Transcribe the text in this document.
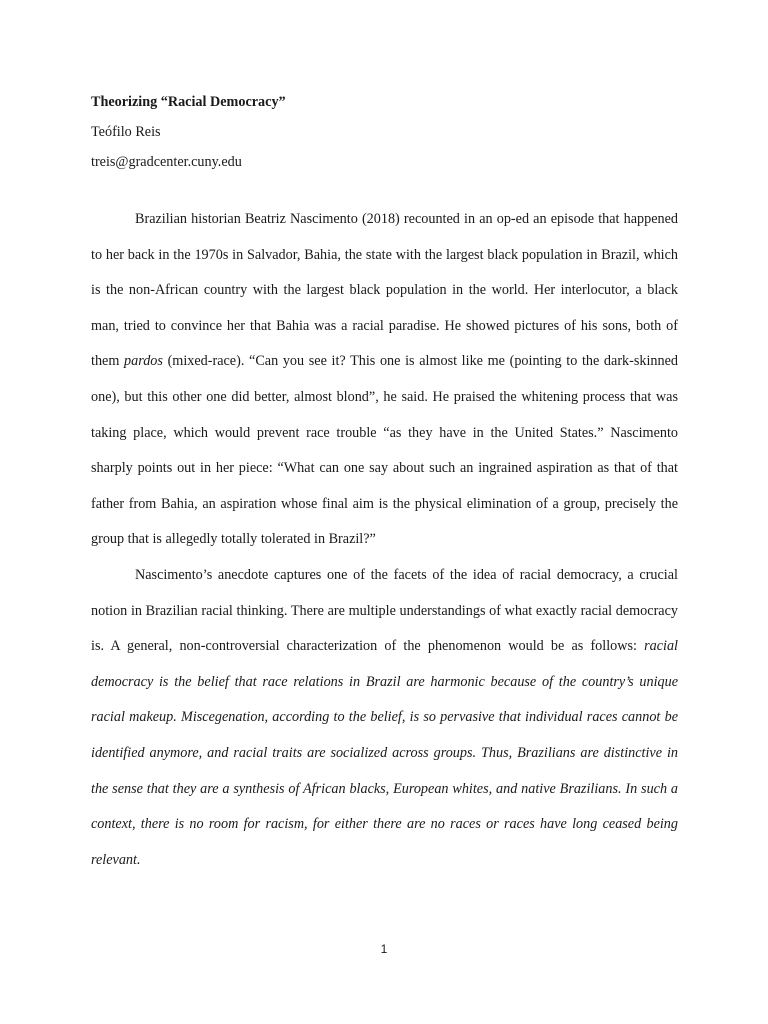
Theorizing “Racial Democracy”
Teófilo Reis
treis@gradcenter.cuny.edu

Brazilian historian Beatriz Nascimento (2018) recounted in an op-ed an episode that happened to her back in the 1970s in Salvador, Bahia, the state with the largest black population in Brazil, which is the non-African country with the largest black population in the world. Her interlocutor, a black man, tried to convince her that Bahia was a racial paradise. He showed pictures of his sons, both of them pardos (mixed-race). “Can you see it? This one is almost like me (pointing to the dark-skinned one), but this other one did better, almost blond”, he said. He praised the whitening process that was taking place, which would prevent race trouble “as they have in the United States.” Nascimento sharply points out in her piece: “What can one say about such an ingrained aspiration as that of that father from Bahia, an aspiration whose final aim is the physical elimination of a group, precisely the group that is allegedly totally tolerated in Brazil?”

Nascimento’s anecdote captures one of the facets of the idea of racial democracy, a crucial notion in Brazilian racial thinking. There are multiple understandings of what exactly racial democracy is. A general, non-controversial characterization of the phenomenon would be as follows: racial democracy is the belief that race relations in Brazil are harmonic because of the country’s unique racial makeup. Miscegenation, according to the belief, is so pervasive that individual races cannot be identified anymore, and racial traits are socialized across groups. Thus, Brazilians are distinctive in the sense that they are a synthesis of African blacks, European whites, and native Brazilians. In such a context, there is no room for racism, for either there are no races or races have long ceased being relevant.

1
